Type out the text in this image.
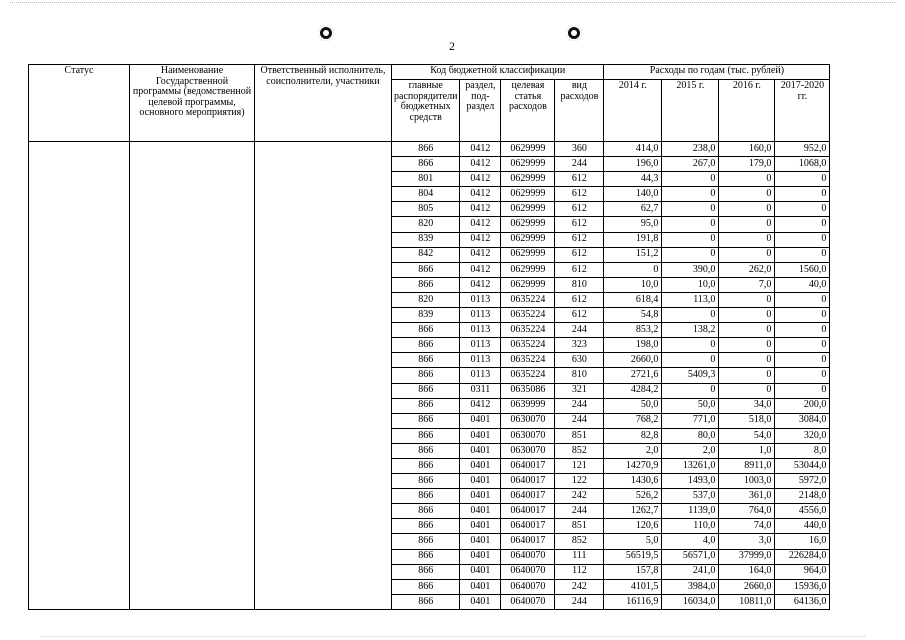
2
Статус	Наименование Государственной программы (ведомственной целевой программы, основного мероприятия)	Ответственный исполнитель, соисполнители, участники	Код бюджетной классификации				Расходы по годам (тыс. рублей)			
			главные распорядители бюджетных средств	раздел, под-раздел	целевая статья расходов	вид расходов	2014 г.	2015 г.	2016 г.	2017-2020 гг.
			866	0412	0629999	360	414,0	238,0	160,0	952,0
			866	0412	0629999	244	196,0	267,0	179,0	1068,0
			801	0412	0629999	612	44,3	0	0	0
			804	0412	0629999	612	140,0	0	0	0
			805	0412	0629999	612	62,7	0	0	0
			820	0412	0629999	612	95,0	0	0	0
			839	0412	0629999	612	191,8	0	0	0
			842	0412	0629999	612	151,2	0	0	0
			866	0412	0629999	612	0	390,0	262,0	1560,0
			866	0412	0629999	810	10,0	10,0	7,0	40,0
			820	0113	0635224	612	618,4	113,0	0	0
			839	0113	0635224	612	54,8	0	0	0
			866	0113	0635224	244	853,2	138,2	0	0
			866	0113	0635224	323	198,0	0	0	0
			866	0113	0635224	630	2660,0	0	0	0
			866	0113	0635224	810	2721,6	5409,3	0	0
			866	0311	0635086	321	4284,2	0	0	0
			866	0412	0639999	244	50,0	50,0	34,0	200,0
			866	0401	0630070	244	768,2	771,0	518,0	3084,0
			866	0401	0630070	851	82,8	80,0	54,0	320,0
			866	0401	0630070	852	2,0	2,0	1,0	8,0
			866	0401	0640017	121	14270,9	13261,0	8911,0	53044,0
			866	0401	0640017	122	1430,6	1493,0	1003,0	5972,0
			866	0401	0640017	242	526,2	537,0	361,0	2148,0
			866	0401	0640017	244	1262,7	1139,0	764,0	4556,0
			866	0401	0640017	851	120,6	110,0	74,0	440,0
			866	0401	0640017	852	5,0	4,0	3,0	16,0
			866	0401	0640070	111	56519,5	56571,0	37999,0	226284,0
			866	0401	0640070	112	157,8	241,0	164,0	964,0
			866	0401	0640070	242	4101,5	3984,0	2660,0	15936,0
			866	0401	0640070	244	16116,9	16034,0	10811,0	64136,0
